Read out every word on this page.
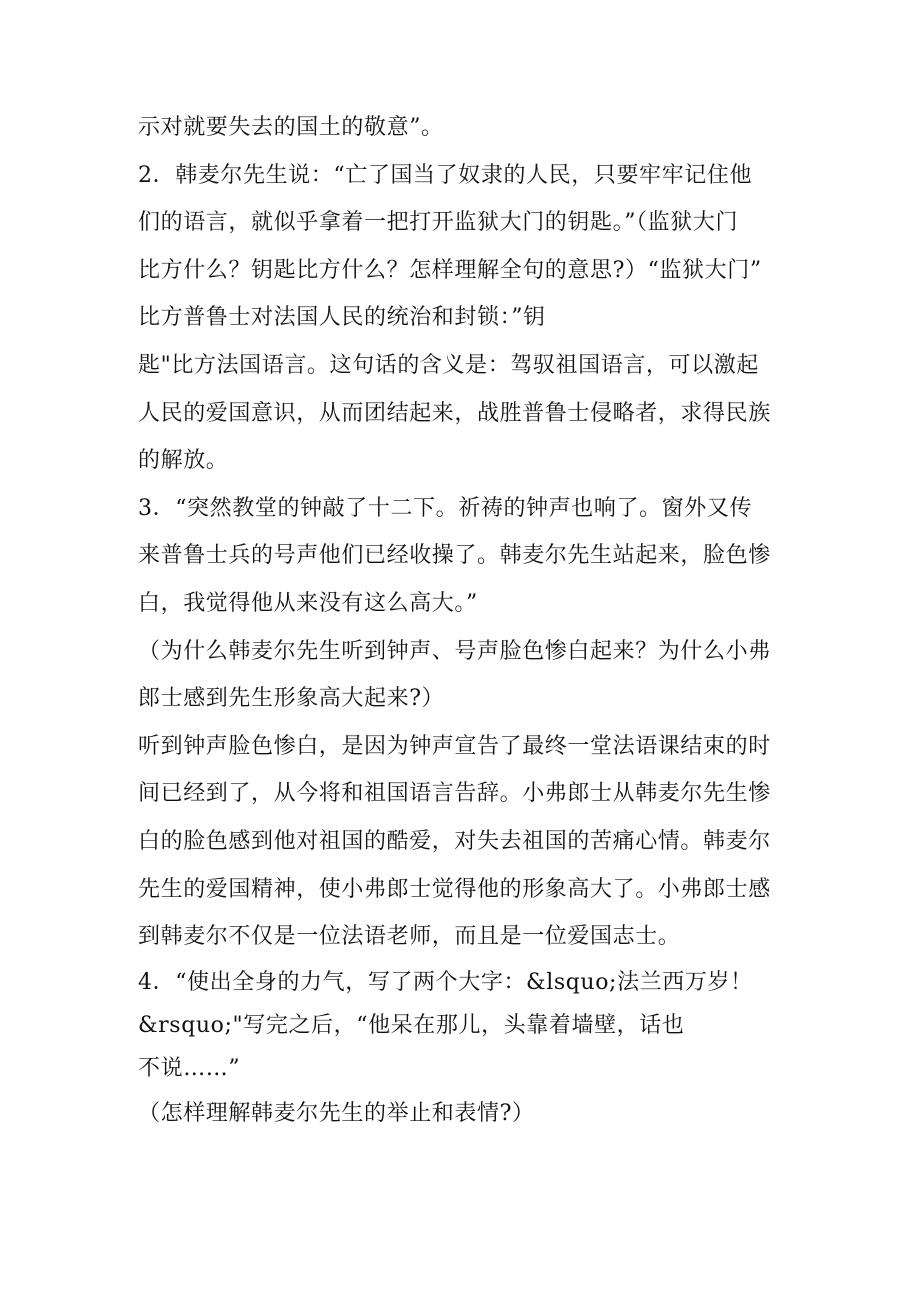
示对就要失去的国土的敬意”。
2．韩麦尔先生说：“亡了国当了奴隶的人民，只要牢牢记住他
们的语言，就似乎拿着一把打开监狱大门的钥匙。”（监狱大门
比方什么？钥匙比方什么？怎样理解全句的意思?）“监狱大门”
比方普鲁士对法国人民的统治和封锁：”钥
匙"比方法国语言。这句话的含义是：驾驭祖国语言，可以激起
人民的爱国意识，从而团结起来，战胜普鲁士侵略者，求得民族
的解放。
3．“突然教堂的钟敲了十二下。祈祷的钟声也响了。窗外又传
来普鲁士兵的号声他们已经收操了。韩麦尔先生站起来，脸色惨
白，我觉得他从来没有这么高大。”
（为什么韩麦尔先生听到钟声、号声脸色惨白起来？为什么小弗
郎士感到先生形象高大起来?）
听到钟声脸色惨白，是因为钟声宣告了最终一堂法语课结束的时
间已经到了，从今将和祖国语言告辞。小弗郎士从韩麦尔先生惨
白的脸色感到他对祖国的酷爱，对失去祖国的苦痛心情。韩麦尔
先生的爱国精神，使小弗郎士觉得他的形象高大了。小弗郎士感
到韩麦尔不仅是一位法语老师，而且是一位爱国志士。
4．“使出全身的力气，写了两个大字：&lsquo;法兰西万岁！
&rsquo;"写完之后，“他呆在那儿，头靠着墙壁，话也
不说……”
（怎样理解韩麦尔先生的举止和表情?）
